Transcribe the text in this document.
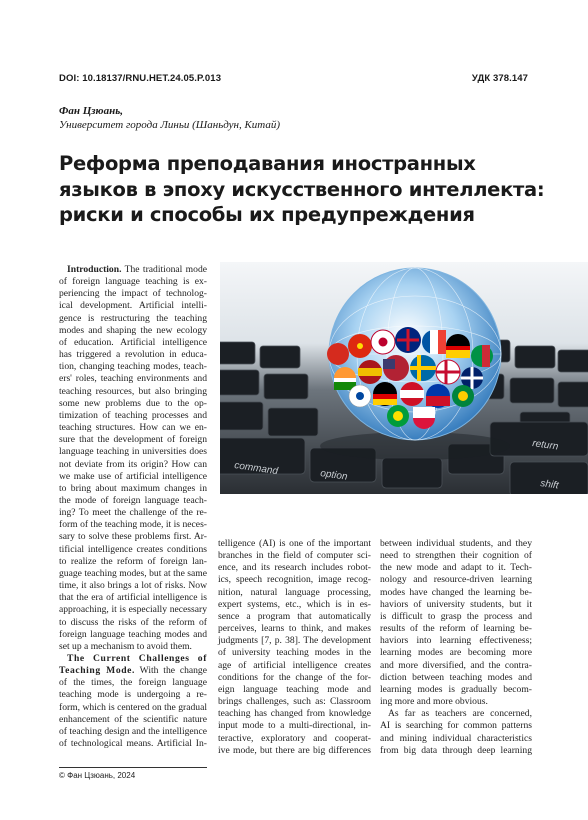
DOI: 10.18137/RNU.HET.24.05.P.013	УДК 378.147
Фан Цзюань,
Университет города Линьи (Шаньдун, Китай)
Реформа преподавания иностранных
языков в эпоху искусственного интеллекта:
риски и способы их предупреждения
Introduction. The traditional mode
of foreign language teaching is ex-
periencing the impact of technolog-
ical development. Artificial intelli-
gence is restructuring the teaching
modes and shaping the new ecology
of education. Artificial intelligence
has triggered a revolution in educa-
tion, changing teaching modes, teach-
ers' roles, teaching environments and
teaching resources, but also bringing
some new problems due to the op-
timization of teaching processes and
teaching structures. How can we en-
sure that the development of foreign
language teaching in universities does
not deviate from its origin? How can
we make use of artificial intelligence
to bring about maximum changes in
the mode of foreign language teach-
ing? To meet the challenge of the re-
form of the teaching mode, it is neces-
sary to solve these problems first. Ar-
tificial intelligence creates conditions
to realize the reform of foreign lan-
guage teaching modes, but at the same
time, it also brings a lot of risks. Now
that the era of artificial intelligence is
approaching, it is especially necessary
to discuss the risks of the reform of
foreign language teaching modes and
set up a mechanism to avoid them.
The Current Challenges of
Teaching Mode. With the change
of the times, the foreign language
teaching mode is undergoing a re-
form, which is centered on the gradual
enhancement of the scientific nature
of teaching design and the intelligence
of technological means. Artificial In-
command	option
return
shift
telligence (AI) is one of the important
branches in the field of computer sci-
ence, and its research includes robot-
ics, speech recognition, image recog-
nition, natural language processing,
expert systems, etc., which is in es-
sence a program that automatically
perceives, learns to think, and makes
judgments [7, p. 38]. The development
of university teaching modes in the
age of artificial intelligence creates
conditions for the change of the for-
eign language teaching mode and
brings challenges, such as: Classroom
teaching has changed from knowledge
input mode to a multi-directional, in-
teractive, exploratory and cooperat-
ive mode, but there are big differences
between individual students, and they
need to strengthen their cognition of
the new mode and adapt to it. Tech-
nology and resource-driven learning
modes have changed the learning be-
haviors of university students, but it
is difficult to grasp the process and
results of the reform of learning be-
haviors into learning effectiveness;
learning modes are becoming more
and more diversified, and the contra-
diction between teaching modes and
learning modes is gradually becom-
ing more and more obvious.
As far as teachers are concerned,
AI is searching for common patterns
and mining individual characteristics
from big data through deep learning
© Фан Цзюань, 2024
